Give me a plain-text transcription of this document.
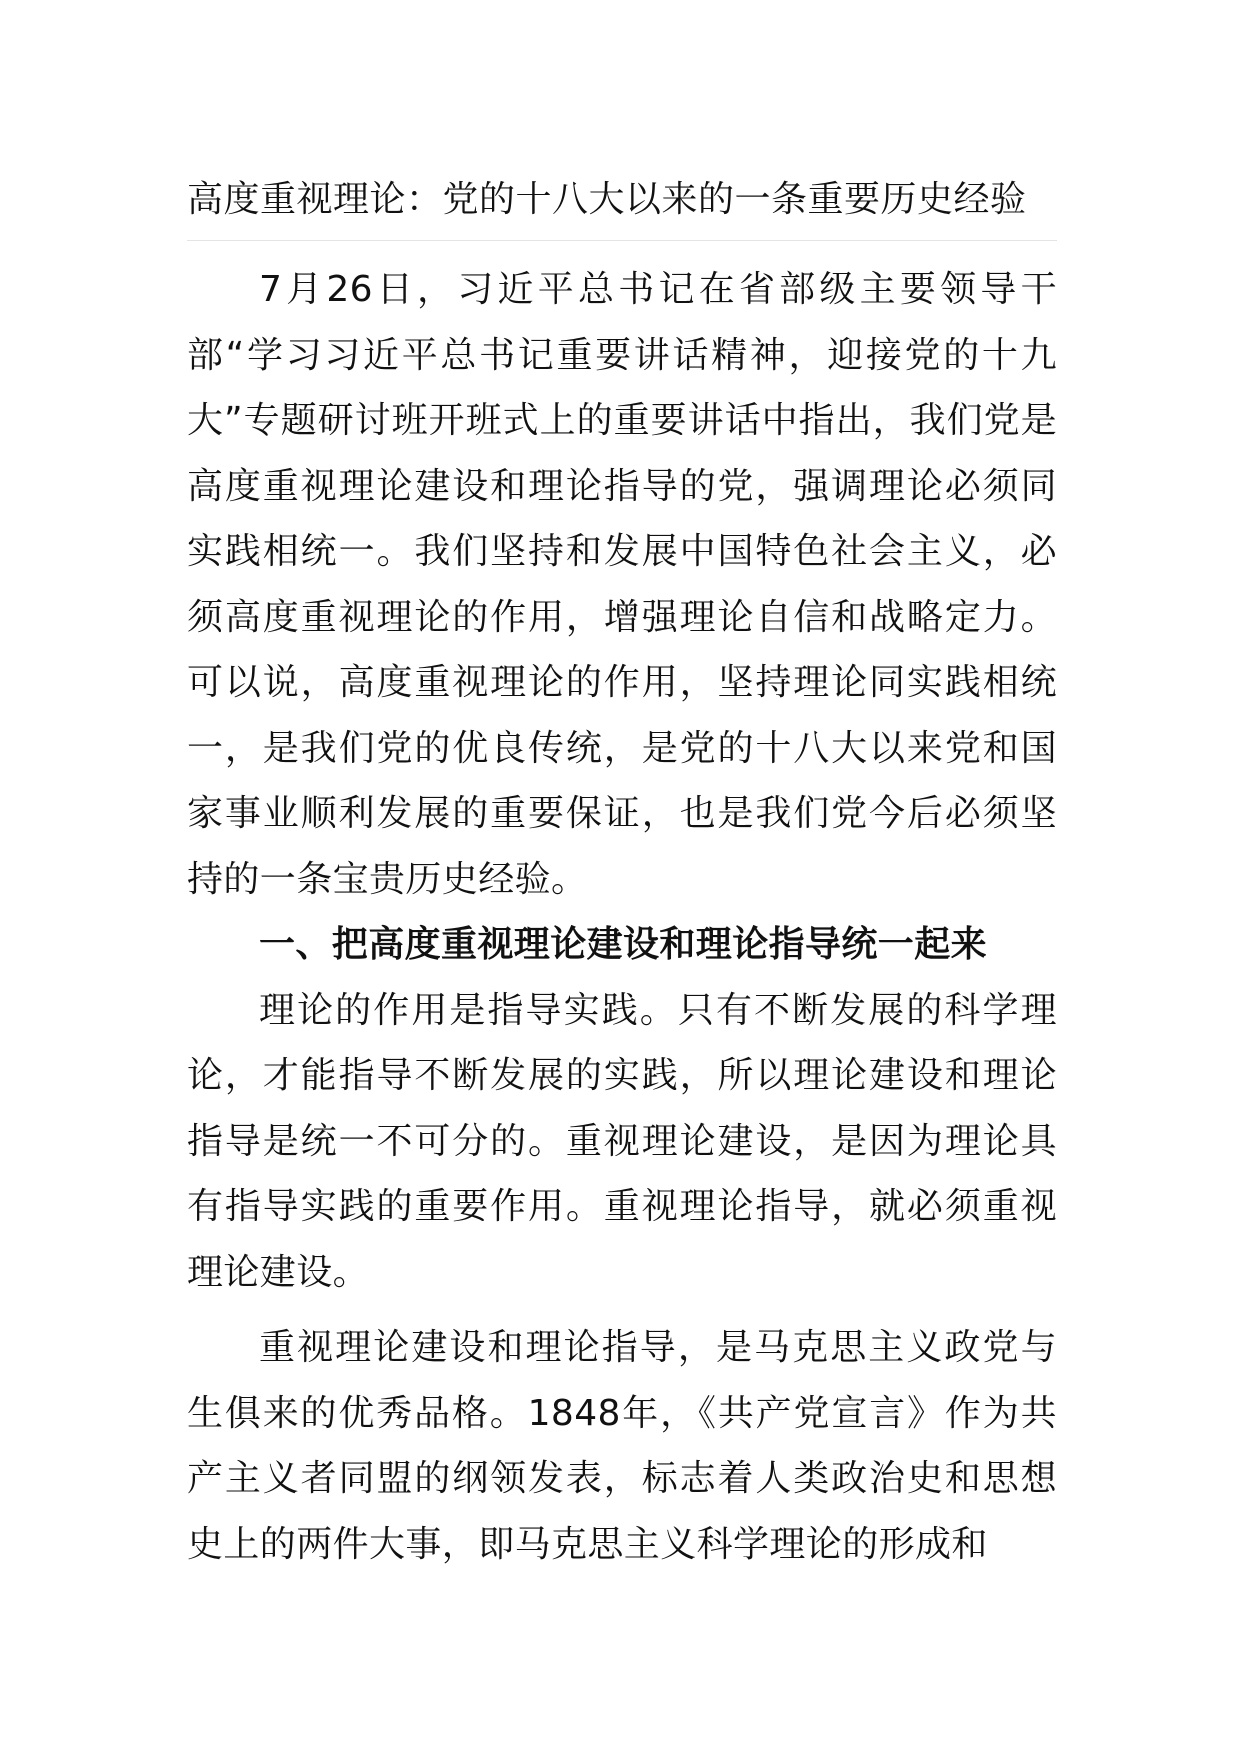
高度重视理论：党的十八大以来的一条重要历史经验

7月26日，习近平总书记在省部级主要领导干部“学习习近平总书记重要讲话精神，迎接党的十九大”专题研讨班开班式上的重要讲话中指出，我们党是高度重视理论建设和理论指导的党，强调理论必须同实践相统一。我们坚持和发展中国特色社会主义，必须高度重视理论的作用，增强理论自信和战略定力。可以说，高度重视理论的作用，坚持理论同实践相统一，是我们党的优良传统，是党的十八大以来党和国家事业顺利发展的重要保证，也是我们党今后必须坚持的一条宝贵历史经验。

一、把高度重视理论建设和理论指导统一起来

理论的作用是指导实践。只有不断发展的科学理论，才能指导不断发展的实践，所以理论建设和理论指导是统一不可分的。重视理论建设，是因为理论具有指导实践的重要作用。重视理论指导，就必须重视理论建设。

重视理论建设和理论指导，是马克思主义政党与生俱来的优秀品格。1848年，《共产党宣言》作为共产主义者同盟的纲领发表，标志着人类政治史和思想史上的两件大事，即马克思主义科学理论的形成和
